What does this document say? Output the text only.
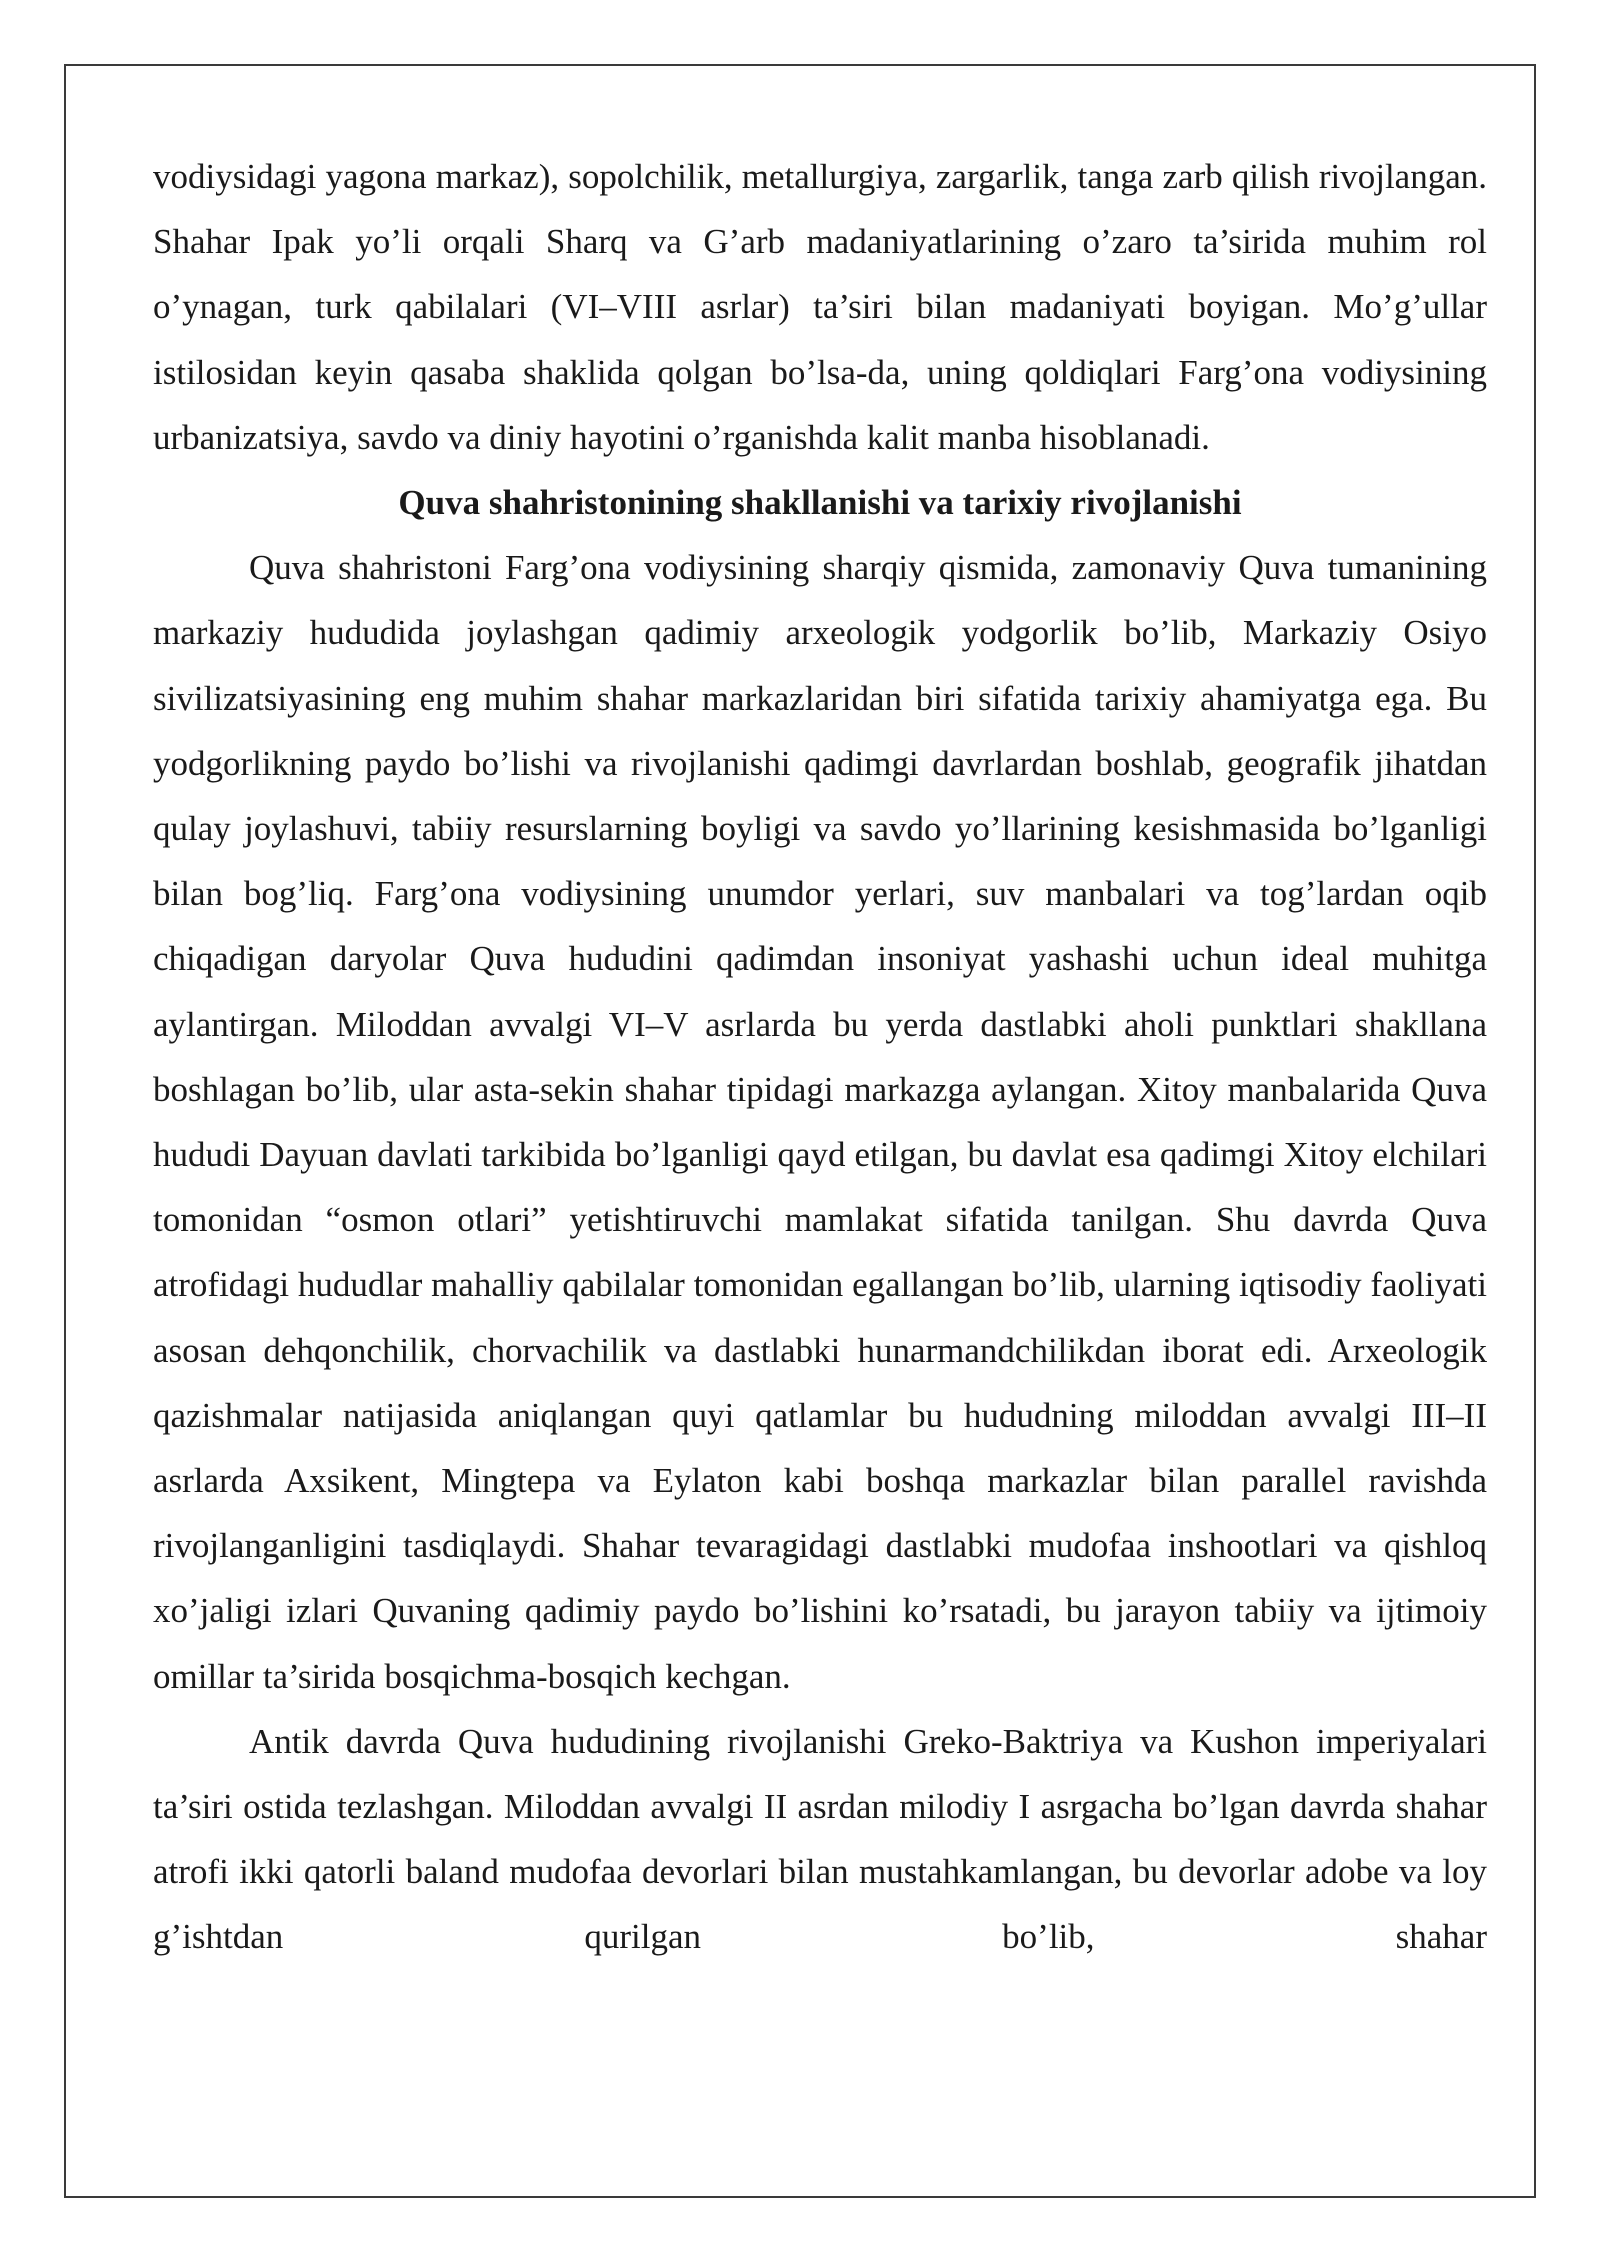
vodiysidagi yagona markaz), sopolchilik, metallurgiya, zargarlik, tanga zarb qilish rivojlangan. Shahar Ipak yo’li orqali Sharq va G’arb madaniyatlarining o’zaro ta’sirida muhim rol o’ynagan, turk qabilalari (VI–VIII asrlar) ta’siri bilan madaniyati boyigan. Mo’g’ullar istilosidan keyin qasaba shaklida qolgan bo’lsa-da, uning qoldiqlari Farg’ona vodiysining urbanizatsiya, savdo va diniy hayotini o’rganishda kalit manba hisoblanadi.

Quva shahristonining shakllanishi va tarixiy rivojlanishi

Quva shahristoni Farg’ona vodiysining sharqiy qismida, zamonaviy Quva tumanining markaziy hududida joylashgan qadimiy arxeologik yodgorlik bo’lib, Markaziy Osiyo sivilizatsiyasining eng muhim shahar markazlaridan biri sifatida tarixiy ahamiyatga ega. Bu yodgorlikning paydo bo’lishi va rivojlanishi qadimgi davrlardan boshlab, geografik jihatdan qulay joylashuvi, tabiiy resurslarning boyligi va savdo yo’llarining kesishmasida bo’lganligi bilan bog’liq. Farg’ona vodiysining unumdor yerlari, suv manbalari va tog’lardan oqib chiqadigan daryolar Quva hududini qadimdan insoniyat yashashi uchun ideal muhitga aylantirgan. Miloddan avvalgi VI–V asrlarda bu yerda dastlabki aholi punktlari shakllana boshlagan bo’lib, ular asta-sekin shahar tipidagi markazga aylangan. Xitoy manbalarida Quva hududi Dayuan davlati tarkibida bo’lganligi qayd etilgan, bu davlat esa qadimgi Xitoy elchilari tomonidan “osmon otlari” yetishtiruvchi mamlakat sifatida tanilgan. Shu davrda Quva atrofidagi hududlar mahalliy qabilalar tomonidan egallangan bo’lib, ularning iqtisodiy faoliyati asosan dehqonchilik, chorvachilik va dastlabki hunarmandchilikdan iborat edi. Arxeologik qazishmalar natijasida aniqlangan quyi qatlamlar bu hududning miloddan avvalgi III–II asrlarda Axsikent, Mingtepa va Eylaton kabi boshqa markazlar bilan parallel ravishda rivojlanganligini tasdiqlaydi. Shahar tevaragidagi dastlabki mudofaa inshootlari va qishloq xo’jaligi izlari Quvaning qadimiy paydo bo’lishini ko’rsatadi, bu jarayon tabiiy va ijtimoiy omillar ta’sirida bosqichma-bosqich kechgan.

Antik davrda Quva hududining rivojlanishi Greko-Baktriya va Kushon imperiyalari ta’siri ostida tezlashgan. Miloddan avvalgi II asrdan milodiy I asrgacha bo’lgan davrda shahar atrofi ikki qatorli baland mudofaa devorlari bilan mustahkamlangan, bu devorlar adobe va loy g’ishtdan qurilgan bo’lib, shahar
